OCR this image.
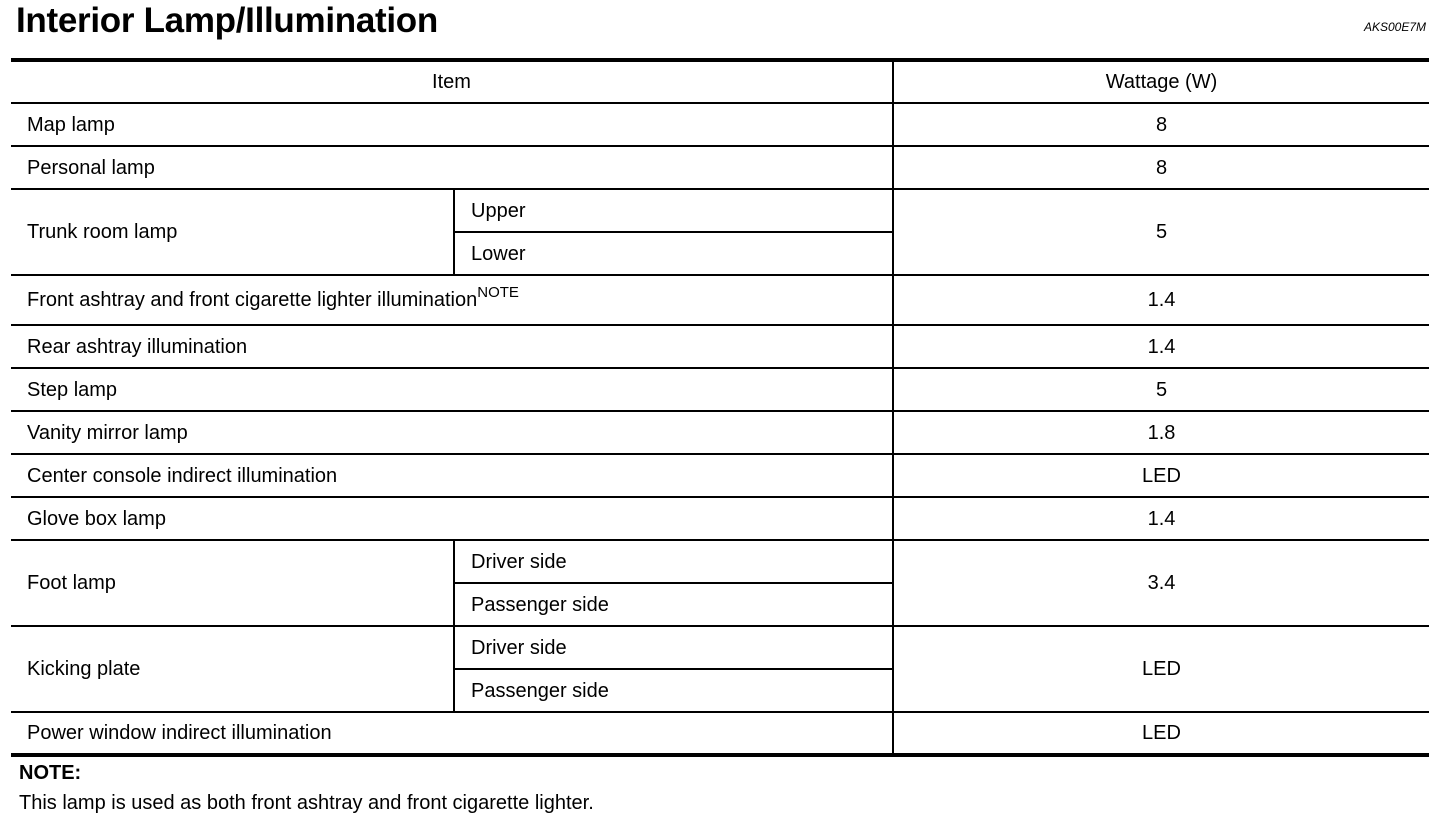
Interior Lamp/Illumination	AKS00E7M
Item		Wattage (W)
Map lamp		8
Personal lamp		8
Trunk room lamp	Upper	5
	Lower	
Front ashtray and front cigarette lighter illumination$^{NOTE}$		1.4
Rear ashtray illumination		1.4
Step lamp		5
Vanity mirror lamp		1.8
Center console indirect illumination		LED
Glove box lamp		1.4
Foot lamp	Driver side	3.4
	Passenger side	
Kicking plate	Driver side	LED
	Passenger side	
Power window indirect illumination		LED
NOTE:
This lamp is used as both front ashtray and front cigarette lighter.
